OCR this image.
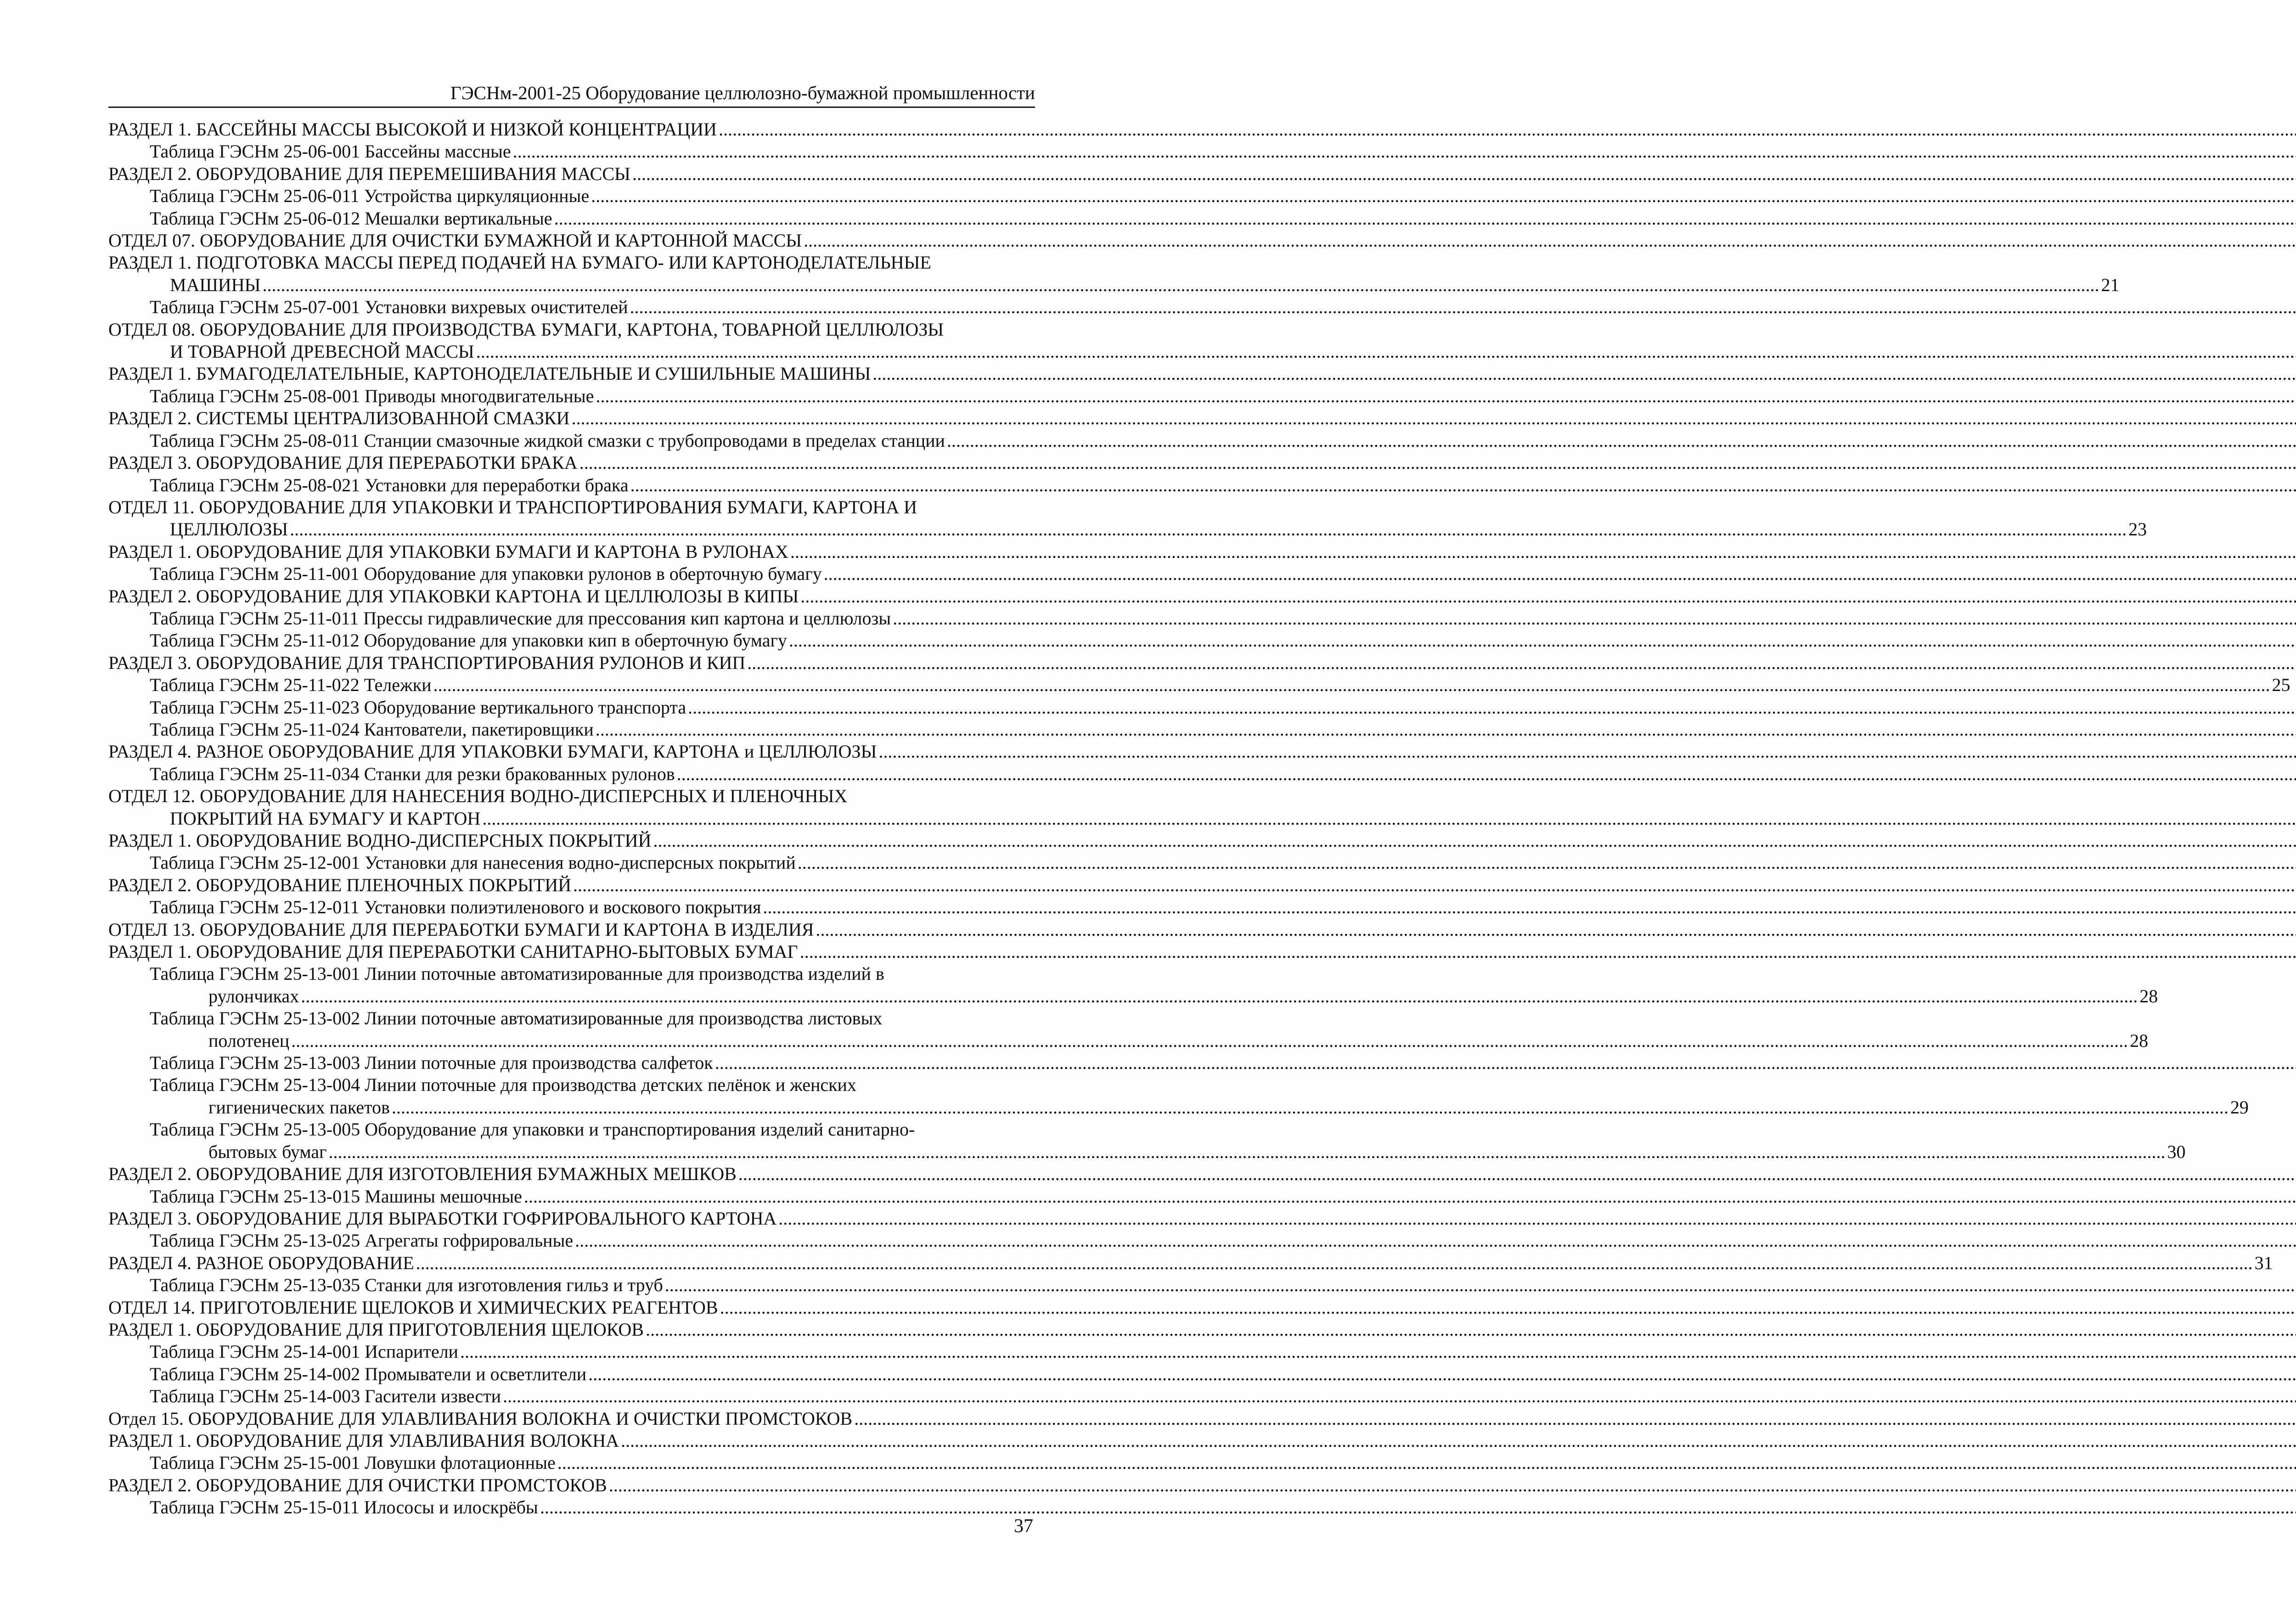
ГЭСНм-2001-25 Оборудование целлюлозно-бумажной промышленности
РАЗДЕЛ 1. БАССЕЙНЫ МАССЫ ВЫСОКОЙ И НИЗКОЙ КОНЦЕНТРАЦИИ .....
Таблица ГЭСНм 25-06-001 Бассейны массные .....
РАЗДЕЛ 2. ОБОРУДОВАНИЕ ДЛЯ ПЕРЕМЕШИВАНИЯ МАССЫ .....
Таблица ГЭСНм 25-06-011 Устройства циркуляционные .....
Таблица ГЭСНм 25-06-012 Мешалки вертикальные .....
ОТДЕЛ 07. ОБОРУДОВАНИЕ ДЛЯ ОЧИСТКИ БУМАЖНОЙ И КАРТОННОЙ МАССЫ .....
РАЗДЕЛ 1. ПОДГОТОВКА МАССЫ ПЕРЕД ПОДАЧЕЙ НА БУМАГО- ИЛИ КАРТОНОДЕЛАТЕЛЬНЫЕ
МАШИНЫ .....	21
Таблица ГЭСНм 25-07-001 Установки вихревых очистителей .....
ОТДЕЛ 08. ОБОРУДОВАНИЕ ДЛЯ ПРОИЗВОДСТВА БУМАГИ, КАРТОНА, ТОВАРНОЙ ЦЕЛЛЮЛОЗЫ
И ТОВАРНОЙ ДРЕВЕСНОЙ МАССЫ .....
РАЗДЕЛ 1. БУМАГОДЕЛАТЕЛЬНЫЕ, КАРТОНОДЕЛАТЕЛЬНЫЕ И СУШИЛЬНЫЕ МАШИНЫ .....
Таблица ГЭСНм 25-08-001 Приводы многодвигательные .....
РАЗДЕЛ 2. СИСТЕМЫ ЦЕНТРАЛИЗОВАННОЙ СМАЗКИ .....
Таблица ГЭСНм 25-08-011 Станции смазочные жидкой смазки с трубопроводами в пределах станции .....
РАЗДЕЛ 3. ОБОРУДОВАНИЕ ДЛЯ ПЕРЕРАБОТКИ БРАКА .....
Таблица ГЭСНм 25-08-021 Установки для переработки брака .....
ОТДЕЛ 11. ОБОРУДОВАНИЕ ДЛЯ УПАКОВКИ И ТРАНСПОРТИРОВАНИЯ БУМАГИ, КАРТОНА И
ЦЕЛЛЮЛОЗЫ .....	23
РАЗДЕЛ 1. ОБОРУДОВАНИЕ ДЛЯ УПАКОВКИ БУМАГИ И КАРТОНА В РУЛОНАХ .....
Таблица ГЭСНм 25-11-001 Оборудование для упаковки рулонов в оберточную бумагу .....
РАЗДЕЛ 2. ОБОРУДОВАНИЕ ДЛЯ УПАКОВКИ КАРТОНА И ЦЕЛЛЮЛОЗЫ В КИПЫ .....
Таблица ГЭСНм 25-11-011 Прессы гидравлические для прессования кип картона и целлюлозы .....
Таблица ГЭСНм 25-11-012 Оборудование для упаковки кип в оберточную бумагу .....
РАЗДЕЛ 3. ОБОРУДОВАНИЕ ДЛЯ ТРАНСПОРТИРОВАНИЯ РУЛОНОВ И КИП .....
Таблица ГЭСНм 25-11-022 Тележки .....	25
Таблица ГЭСНм 25-11-023 Оборудование вертикального транспорта .....
Таблица ГЭСНм 25-11-024 Кантователи, пакетировщики .....
РАЗДЕЛ 4. РАЗНОЕ ОБОРУДОВАНИЕ ДЛЯ УПАКОВКИ БУМАГИ, КАРТОНА и ЦЕЛЛЮЛОЗЫ .....
Таблица ГЭСНм 25-11-034 Станки для резки бракованных рулонов .....
ОТДЕЛ 12. ОБОРУДОВАНИЕ ДЛЯ НАНЕСЕНИЯ ВОДНО-ДИСПЕРСНЫХ И ПЛЕНОЧНЫХ
ПОКРЫТИЙ НА БУМАГУ И КАРТОН .....
РАЗДЕЛ 1. ОБОРУДОВАНИЕ ВОДНО-ДИСПЕРСНЫХ ПОКРЫТИЙ .....
Таблица ГЭСНм 25-12-001 Установки для нанесения водно-дисперсных покрытий .....
РАЗДЕЛ 2. ОБОРУДОВАНИЕ ПЛЕНОЧНЫХ ПОКРЫТИЙ .....
Таблица ГЭСНм 25-12-011 Установки полиэтиленового и воскового покрытия .....
ОТДЕЛ 13. ОБОРУДОВАНИЕ ДЛЯ ПЕРЕРАБОТКИ БУМАГИ И КАРТОНА В ИЗДЕЛИЯ .....
РАЗДЕЛ 1. ОБОРУДОВАНИЕ ДЛЯ ПЕРЕРАБОТКИ САНИТАРНО-БЫТОВЫХ БУМАГ .....
Таблица ГЭСНм 25-13-001 Линии поточные автоматизированные для производства изделий в
рулончиках .....	28
Таблица ГЭСНм 25-13-002 Линии поточные автоматизированные для производства листовых
полотенец .....	28
Таблица ГЭСНм 25-13-003 Линии поточные для производства салфеток .....
Таблица ГЭСНм 25-13-004 Линии поточные для производства детских пелёнок и женских
гигиенических пакетов .....	29
Таблица ГЭСНм 25-13-005 Оборудование для упаковки и транспортирования изделий санитарно-
бытовых бумаг .....	30
РАЗДЕЛ 2. ОБОРУДОВАНИЕ ДЛЯ ИЗГОТОВЛЕНИЯ БУМАЖНЫХ МЕШКОВ .....
Таблица ГЭСНм 25-13-015 Машины мешочные .....
РАЗДЕЛ 3. ОБОРУДОВАНИЕ ДЛЯ ВЫРАБОТКИ ГОФРИРОВАЛЬНОГО КАРТОНА .....
Таблица ГЭСНм 25-13-025 Агрегаты гофрировальные .....
РАЗДЕЛ 4. РАЗНОЕ ОБОРУДОВАНИЕ .....	31
Таблица ГЭСНм 25-13-035 Станки для изготовления гильз и труб .....
ОТДЕЛ 14. ПРИГОТОВЛЕНИЕ ЩЕЛОКОВ И ХИМИЧЕСКИХ РЕАГЕНТОВ .....
РАЗДЕЛ 1. ОБОРУДОВАНИЕ ДЛЯ ПРИГОТОВЛЕНИЯ ЩЕЛОКОВ .....
Таблица ГЭСНм 25-14-001 Испарители .....
Таблица ГЭСНм 25-14-002 Промыватели и осветлители .....
Таблица ГЭСНм 25-14-003 Гасители извести .....
Отдел 15. ОБОРУДОВАНИЕ ДЛЯ УЛАВЛИВАНИЯ ВОЛОКНА И ОЧИСТКИ ПРОМСТОКОВ .....
РАЗДЕЛ 1. ОБОРУДОВАНИЕ ДЛЯ УЛАВЛИВАНИЯ ВОЛОКНА .....
Таблица ГЭСНм 25-15-001 Ловушки флотационные .....
РАЗДЕЛ 2. ОБОРУДОВАНИЕ ДЛЯ ОЧИСТКИ ПРОМСТОКОВ .....
Таблица ГЭСНм 25-15-011 Илососы и илоскрёбы .....
37
